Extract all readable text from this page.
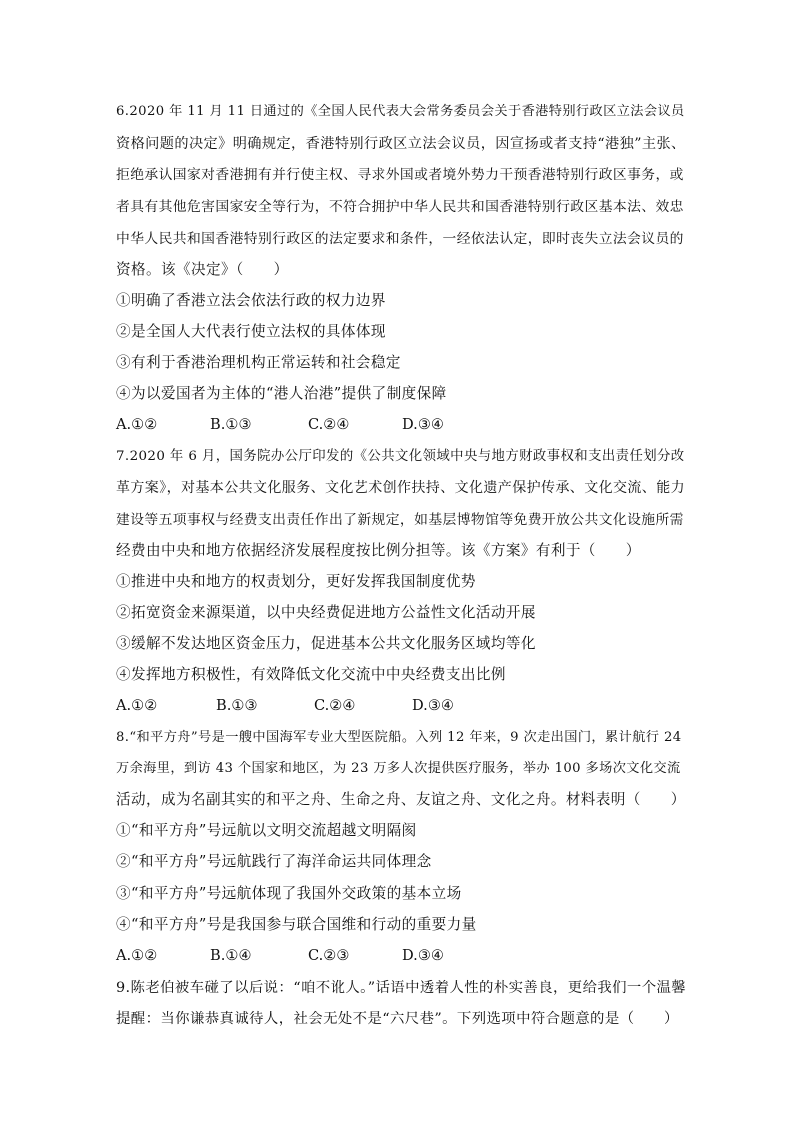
6.2020 年 11 月 11 日通过的《全国人民代表大会常务委员会关于香港特别行政区立法会议员
资格问题的决定》明确规定，香港特别行政区立法会议员，因宣扬或者支持“港独”主张、
拒绝承认国家对香港拥有并行使主权、寻求外国或者境外势力干预香港特别行政区事务，或
者具有其他危害国家安全等行为，不符合拥护中华人民共和国香港特别行政区基本法、效忠
中华人民共和国香港特别行政区的法定要求和条件，一经依法认定，即时丧失立法会议员的
资格。该《决定》（　　）
①明确了香港立法会依法行政的权力边界
②是全国人大代表行使立法权的具体体现
③有利于香港治理机构正常运转和社会稳定
④为以爱国者为主体的“港人治港”提供了制度保障
A.①②	B.①③	C.②④	D.③④
7.2020 年 6 月，国务院办公厅印发的《公共文化领域中央与地方财政事权和支出责任划分改
革方案》，对基本公共文化服务、文化艺术创作扶持、文化遗产保护传承、文化交流、能力
建设等五项事权与经费支出责任作出了新规定，如基层博物馆等免费开放公共文化设施所需
经费由中央和地方依据经济发展程度按比例分担等。该《方案》有利于（　　）
①推进中央和地方的权责划分，更好发挥我国制度优势
②拓宽资金来源渠道，以中央经费促进地方公益性文化活动开展
③缓解不发达地区资金压力，促进基本公共文化服务区域均等化
④发挥地方积极性，有效降低文化交流中中央经费支出比例
A.①②	B.①③	C.②④	D.③④
8.“和平方舟”号是一艘中国海军专业大型医院船。入列 12 年来，9 次走出国门，累计航行 24
万余海里，到访 43 个国家和地区，为 23 万多人次提供医疗服务，举办 100 多场次文化交流
活动，成为名副其实的和平之舟、生命之舟、友谊之舟、文化之舟。材料表明（　　）
①“和平方舟”号远航以文明交流超越文明隔阂
②“和平方舟”号远航践行了海洋命运共同体理念
③“和平方舟”号远航体现了我国外交政策的基本立场
④“和平方舟”号是我国参与联合国维和行动的重要力量
A.①②	B.①④	C.②③	D.③④
9.陈老伯被车碰了以后说：“咱不讹人。”话语中透着人性的朴实善良，更给我们一个温馨
提醒：当你谦恭真诚待人，社会无处不是“六尺巷”。下列选项中符合题意的是（　　）
